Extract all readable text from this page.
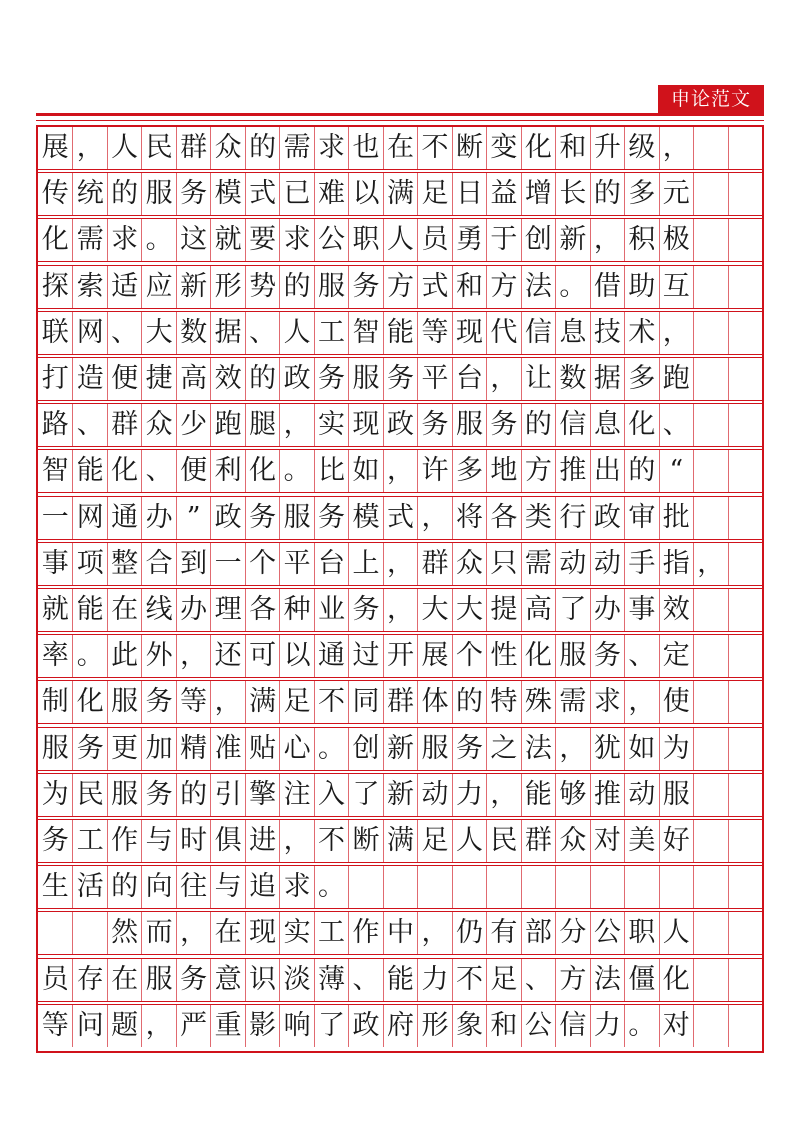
申论范文
展 ， 人 民 群 众 的 需 求 也 在 不 断 变 化 和 升 级 ，
传 统 的 服 务 模 式 已 难 以 满 足 日 益 增 长 的 多 元
化 需 求 。 这 就 要 求 公 职 人 员 勇 于 创 新 ， 积 极
探 索 适 应 新 形 势 的 服 务 方 式 和 方 法 。 借 助 互
联 网 、 大 数 据 、 人 工 智 能 等 现 代 信 息 技 术 ，
打 造 便 捷 高 效 的 政 务 服 务 平 台 ， 让 数 据 多 跑
路 、 群 众 少 跑 腿 ， 实 现 政 务 服 务 的 信 息 化 、
智 能 化 、 便 利 化 。 比 如 ， 许 多 地 方 推 出 的 “
一 网 通 办 ” 政 务 服 务 模 式 ， 将 各 类 行 政 审 批
事 项 整 合 到 一 个 平 台 上 ， 群 众 只 需 动 动 手 指 ，
就 能 在 线 办 理 各 种 业 务 ， 大 大 提 高 了 办 事 效
率 。 此 外 ， 还 可 以 通 过 开 展 个 性 化 服 务 、 定
制 化 服 务 等 ， 满 足 不 同 群 体 的 特 殊 需 求 ， 使
服 务 更 加 精 准 贴 心 。 创 新 服 务 之 法 ， 犹 如 为
为 民 服 务 的 引 擎 注 入 了 新 动 力 ， 能 够 推 动 服
务 工 作 与 时 俱 进 ， 不 断 满 足 人 民 群 众 对 美 好
生 活 的 向 往 与 追 求 。

然 而 ， 在 现 实 工 作 中 ， 仍 有 部 分 公 职 人
员 存 在 服 务 意 识 淡 薄 、 能 力 不 足 、 方 法 僵 化
等 问 题 ， 严 重 影 响 了 政 府 形 象 和 公 信 力 。 对
